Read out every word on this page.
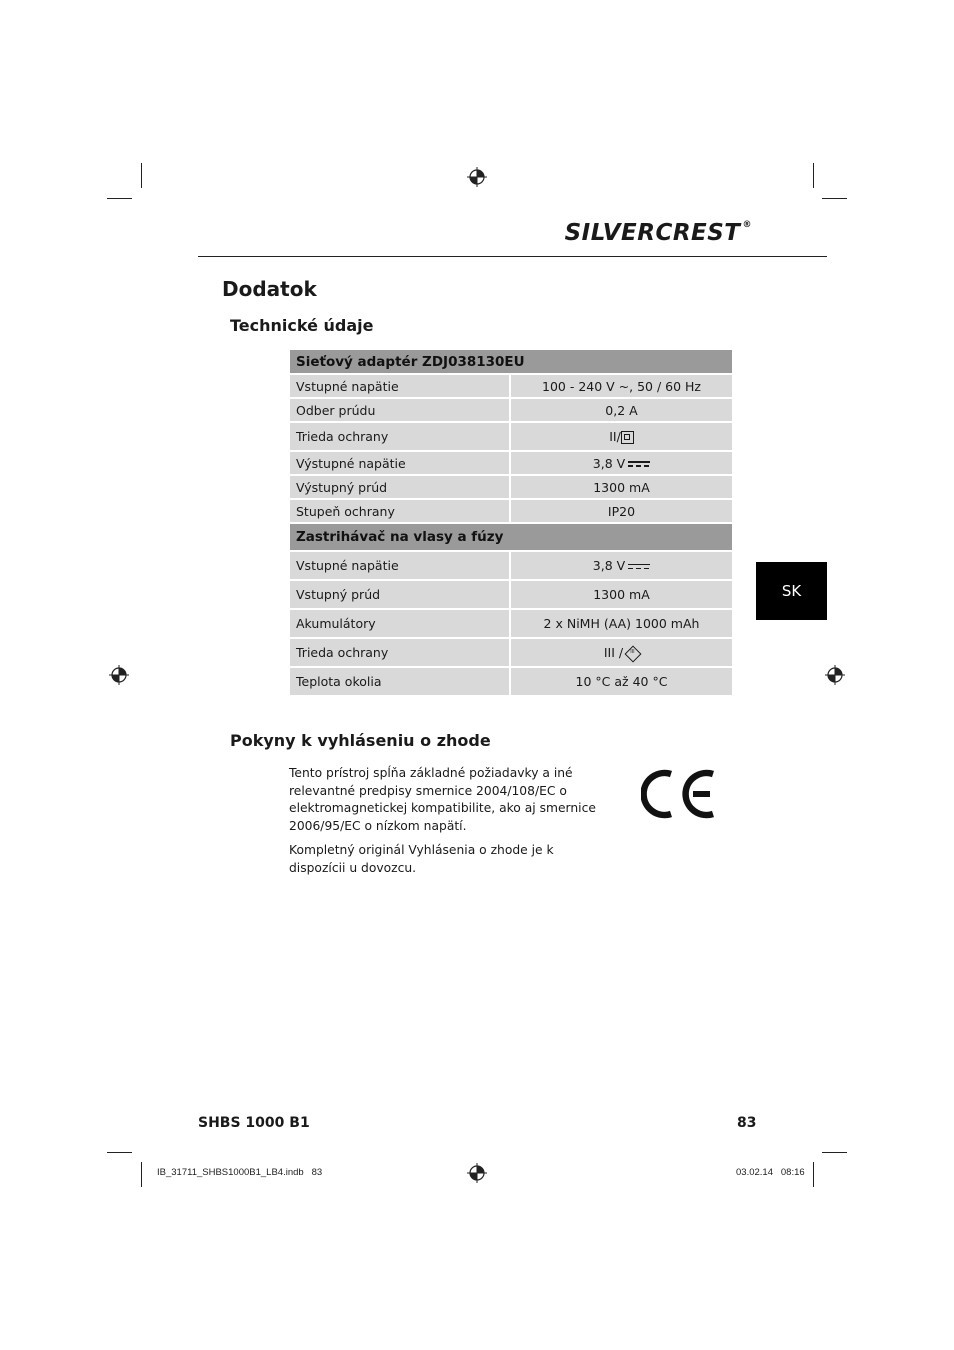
SILVERCREST ®
Dodatok
Technické údaje
Sieťový adaptér ZDJ038130EU	
Vstupné napätie	100 - 240 V ~, 50 / 60 Hz
Odber prúdu	0,2 A
Trieda ochrany	II/
Výstupné napätie	3,8 V
Výstupný prúd	1300 mA
Stupeň ochrany	IP20
Zastrihávač na vlasy a fúzy	
Vstupné napätie	3,8 V
Vstupný prúd	1300 mA
Akumulátory	2 x NiMH (AA) 1000 mAh
Trieda ochrany	III /III
Teplota okolia	10 °C až 40 °C
SK
Pokyny k vyhláseniu o zhode

Tento prístroj spĺňa základné požiadavky a iné relevantné predpisy smernice 2004/108/EC o elektromagnetickej kompatibilite, ako aj smernice 2006/95/EC o nízkom napätí.

Kompletný originál Vyhlásenia o zhode je k dispozícii u dovozcu.

SHBS 1000 B1	83
IB_31711_SHBS1000B1_LB4.indb   83	03.02.14   08:16
